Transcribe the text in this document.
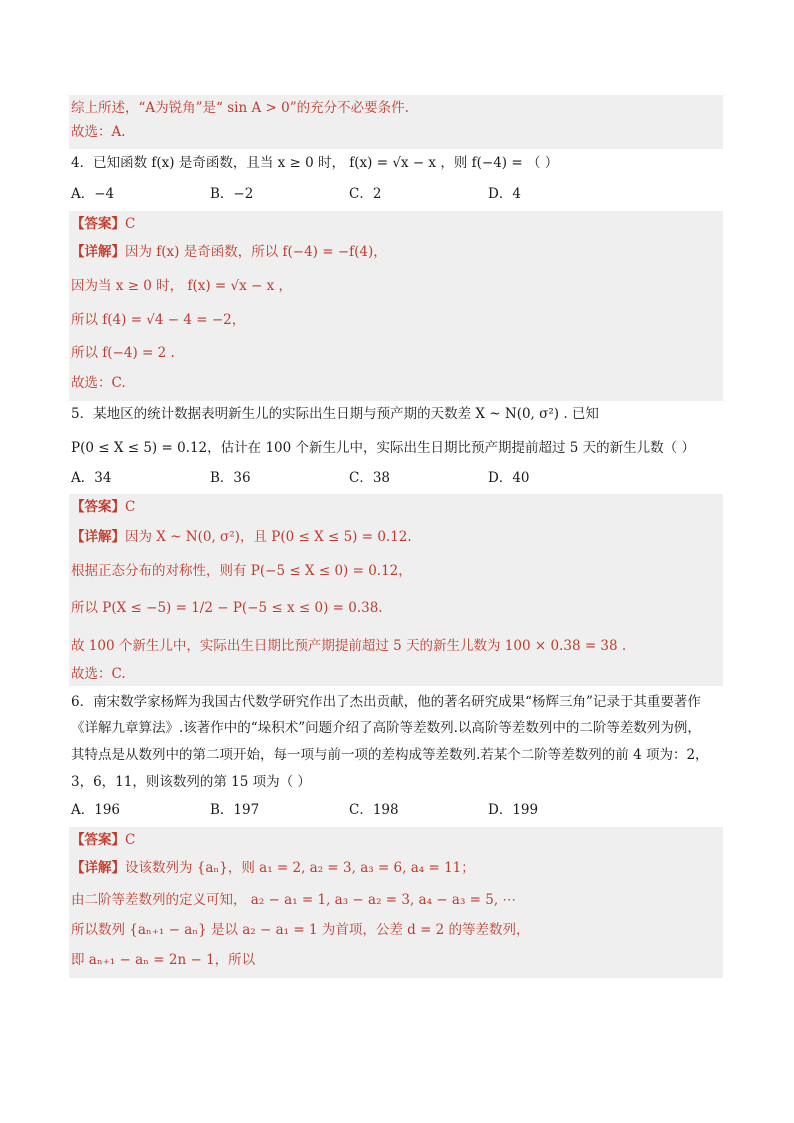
综上所述，“A为锐角”是“ sin A > 0”的充分不必要条件.
故选：A.
4．已知函数 f(x) 是奇函数，且当 x ≥ 0 时， f(x) = √x − x ，则 f(−4) = （ ）
A．−4	B．−2	C．2	D．4
【答案】C
【详解】因为 f(x) 是奇函数，所以 f(−4) = −f(4)，
因为当 x ≥ 0 时， f(x) = √x − x ，
所以 f(4) = √4 − 4 = −2，
所以 f(−4) = 2 .
故选：C.
5．某地区的统计数据表明新生儿的实际出生日期与预产期的天数差 X ~ N(0, σ²) . 已知
P(0 ≤ X ≤ 5) = 0.12，估计在 100 个新生儿中，实际出生日期比预产期提前超过 5 天的新生儿数（ ）
A．34	B．36	C．38	D．40
【答案】C
【详解】因为 X ~ N(0, σ²)，且 P(0 ≤ X ≤ 5) = 0.12.
根据正态分布的对称性，则有 P(−5 ≤ X ≤ 0) = 0.12，
所以 P(X ≤ −5) = 1/2 − P(−5 ≤ x ≤ 0) = 0.38.
故 100 个新生儿中，实际出生日期比预产期提前超过 5 天的新生儿数为 100 × 0.38 = 38 .
故选：C.
6．南宋数学家杨辉为我国古代数学研究作出了杰出贡献，他的著名研究成果“杨辉三角”记录于其重要著作
《详解九章算法》.该著作中的“垛积术”问题介绍了高阶等差数列.以高阶等差数列中的二阶等差数列为例，
其特点是从数列中的第二项开始，每一项与前一项的差构成等差数列.若某个二阶等差数列的前 4 项为：2，
3，6，11，则该数列的第 15 项为（ ）
A．196	B．197	C．198	D．199
【答案】C
【详解】设该数列为 {aₙ}，则 a₁ = 2, a₂ = 3, a₃ = 6, a₄ = 11；
由二阶等差数列的定义可知， a₂ − a₁ = 1, a₃ − a₂ = 3, a₄ − a₃ = 5, ⋯
所以数列 {aₙ₊₁ − aₙ} 是以 a₂ − a₁ = 1 为首项，公差 d = 2 的等差数列，
即 aₙ₊₁ − aₙ = 2n − 1，所以
